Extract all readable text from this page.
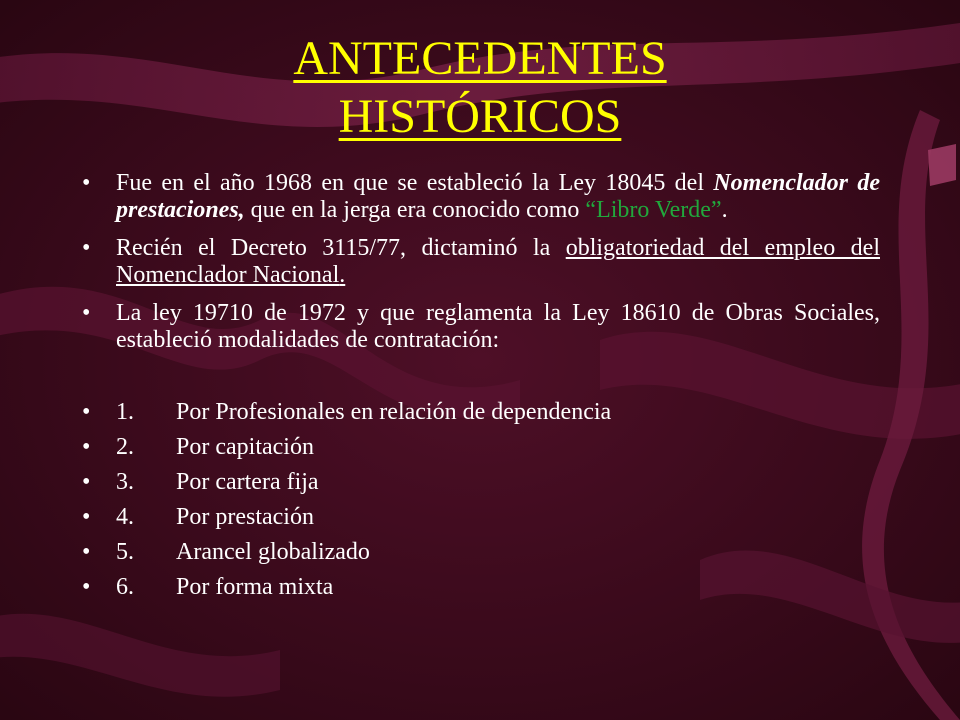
ANTECEDENTES
HISTÓRICOS

• Fue en el año 1968 en que se estableció la Ley 18045 del Nomenclador de prestaciones, que en la jerga era conocido como “Libro Verde”.

• Recién el Decreto 3115/77, dictaminó la obligatoriedad del empleo del Nomenclador Nacional.

• La ley 19710 de 1972 y que reglamenta la Ley 18610 de Obras Sociales, estableció modalidades de contratación:

• 1. Por Profesionales en relación de dependencia

• 2. Por capitación

• 3. Por cartera fija

• 4. Por prestación

• 5. Arancel globalizado

• 6. Por forma mixta
